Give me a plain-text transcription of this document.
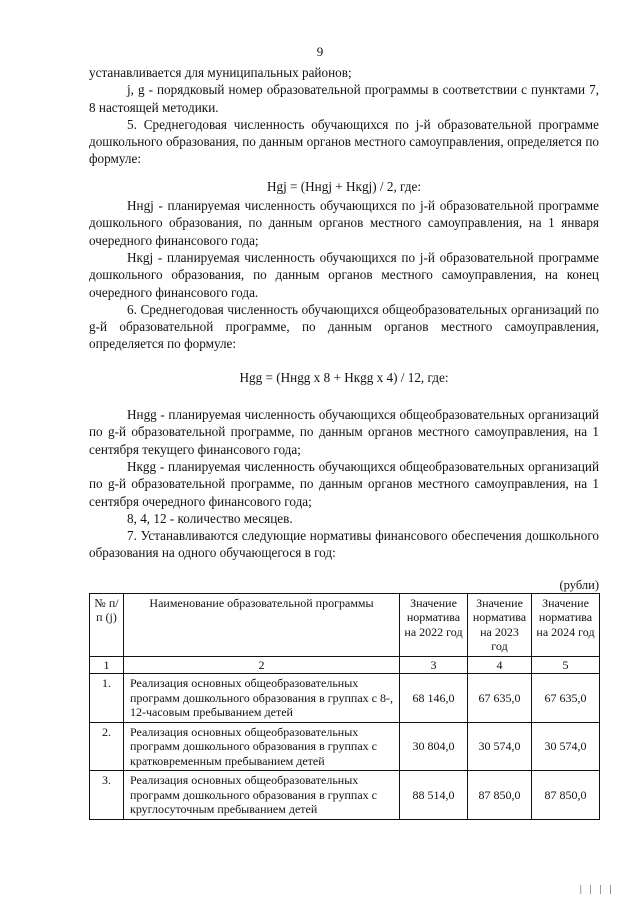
9

устанавливается для муниципальных районов;

j, g - порядковый номер образовательной программы в соответствии с пунктами 7, 8 настоящей методики.

5. Среднегодовая численность обучающихся по j-й образовательной программе дошкольного образования, по данным органов местного самоуправления, определяется по формуле:

Нgj = (Ннgj + Нкgj) / 2, где:

Ннgj - планируемая численность обучающихся по j-й образовательной программе дошкольного образования, по данным органов местного самоуправления, на 1 января очередного финансового года;

Нкgj - планируемая численность обучающихся по j-й образовательной программе дошкольного образования, по данным органов местного самоуправления, на конец очередного финансового года.

6. Среднегодовая численность обучающихся общеобразовательных организаций по g-й образовательной программе, по данным органов местного самоуправления, определяется по формуле:

Нgg = (Ннgg х 8 + Нкgg х 4) / 12, где:

Ннgg - планируемая численность обучающихся общеобразовательных организаций по g-й образовательной программе, по данным органов местного самоуправления, на 1 сентября текущего финансового года;

Нкgg - планируемая численность обучающихся общеобразовательных организаций по g-й образовательной программе, по данным органов местного самоуправления, на 1 сентября очередного финансового года;

8, 4, 12 - количество месяцев.

7. Устанавливаются следующие нормативы финансового обеспечения дошкольного образования на одного обучающегося в год:

(рубли)

№ п/п (j)	Наименование образовательной программы	Значение норматива на 2022 год	Значение норматива на 2023 год	Значение норматива на 2024 год
1	2	3	4	5
1.	Реализация основных общеобразовательных программ дошкольного образования в группах с 8-, 12-часовым пребыванием детей	68 146,0	67 635,0	67 635,0
2.	Реализация основных общеобразовательных программ дошкольного образования в группах с кратковременным пребыванием детей	30 804,0	30 574,0	30 574,0
3.	Реализация основных общеобразовательных программ дошкольного образования в группах с круглосуточным пребыванием детей	88 514,0	87 850,0	87 850,0
| | | |
